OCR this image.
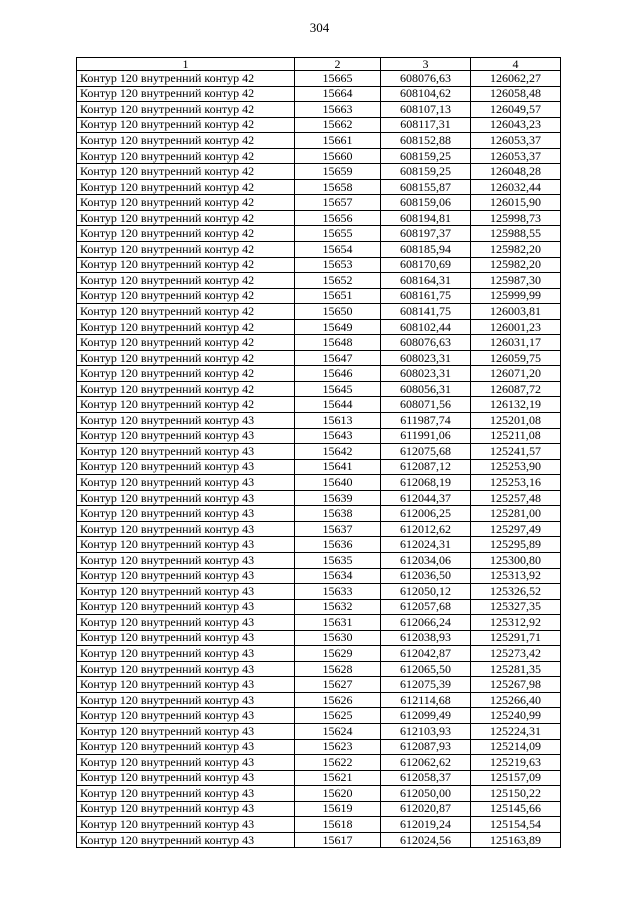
304
1	2	3	4
Контур 120 внутренний контур 42	15665	608076,63	126062,27
Контур 120 внутренний контур 42	15664	608104,62	126058,48
Контур 120 внутренний контур 42	15663	608107,13	126049,57
Контур 120 внутренний контур 42	15662	608117,31	126043,23
Контур 120 внутренний контур 42	15661	608152,88	126053,37
Контур 120 внутренний контур 42	15660	608159,25	126053,37
Контур 120 внутренний контур 42	15659	608159,25	126048,28
Контур 120 внутренний контур 42	15658	608155,87	126032,44
Контур 120 внутренний контур 42	15657	608159,06	126015,90
Контур 120 внутренний контур 42	15656	608194,81	125998,73
Контур 120 внутренний контур 42	15655	608197,37	125988,55
Контур 120 внутренний контур 42	15654	608185,94	125982,20
Контур 120 внутренний контур 42	15653	608170,69	125982,20
Контур 120 внутренний контур 42	15652	608164,31	125987,30
Контур 120 внутренний контур 42	15651	608161,75	125999,99
Контур 120 внутренний контур 42	15650	608141,75	126003,81
Контур 120 внутренний контур 42	15649	608102,44	126001,23
Контур 120 внутренний контур 42	15648	608076,63	126031,17
Контур 120 внутренний контур 42	15647	608023,31	126059,75
Контур 120 внутренний контур 42	15646	608023,31	126071,20
Контур 120 внутренний контур 42	15645	608056,31	126087,72
Контур 120 внутренний контур 42	15644	608071,56	126132,19
Контур 120 внутренний контур 43	15613	611987,74	125201,08
Контур 120 внутренний контур 43	15643	611991,06	125211,08
Контур 120 внутренний контур 43	15642	612075,68	125241,57
Контур 120 внутренний контур 43	15641	612087,12	125253,90
Контур 120 внутренний контур 43	15640	612068,19	125253,16
Контур 120 внутренний контур 43	15639	612044,37	125257,48
Контур 120 внутренний контур 43	15638	612006,25	125281,00
Контур 120 внутренний контур 43	15637	612012,62	125297,49
Контур 120 внутренний контур 43	15636	612024,31	125295,89
Контур 120 внутренний контур 43	15635	612034,06	125300,80
Контур 120 внутренний контур 43	15634	612036,50	125313,92
Контур 120 внутренний контур 43	15633	612050,12	125326,52
Контур 120 внутренний контур 43	15632	612057,68	125327,35
Контур 120 внутренний контур 43	15631	612066,24	125312,92
Контур 120 внутренний контур 43	15630	612038,93	125291,71
Контур 120 внутренний контур 43	15629	612042,87	125273,42
Контур 120 внутренний контур 43	15628	612065,50	125281,35
Контур 120 внутренний контур 43	15627	612075,39	125267,98
Контур 120 внутренний контур 43	15626	612114,68	125266,40
Контур 120 внутренний контур 43	15625	612099,49	125240,99
Контур 120 внутренний контур 43	15624	612103,93	125224,31
Контур 120 внутренний контур 43	15623	612087,93	125214,09
Контур 120 внутренний контур 43	15622	612062,62	125219,63
Контур 120 внутренний контур 43	15621	612058,37	125157,09
Контур 120 внутренний контур 43	15620	612050,00	125150,22
Контур 120 внутренний контур 43	15619	612020,87	125145,66
Контур 120 внутренний контур 43	15618	612019,24	125154,54
Контур 120 внутренний контур 43	15617	612024,56	125163,89
